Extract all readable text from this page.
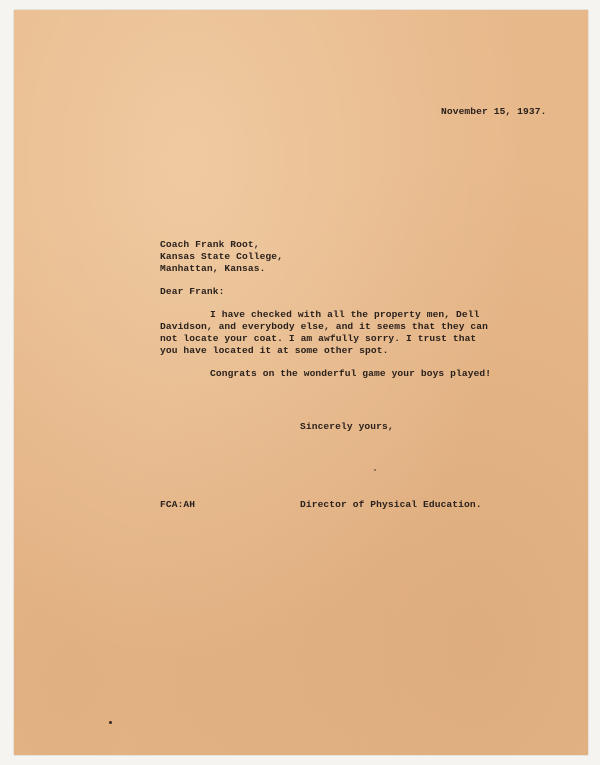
November 15, 1937.
Coach Frank Root,
Kansas State College,
Manhattan, Kansas.
Dear Frank:
I have checked with all the property men, Dell
Davidson, and everybody else, and it seems that they can
not locate your coat. I am awfully sorry. I trust that
you have located it at some other spot.
Congrats on the wonderful game your boys played!
Sincerely yours,
FCA:AH	Director of Physical Education.
